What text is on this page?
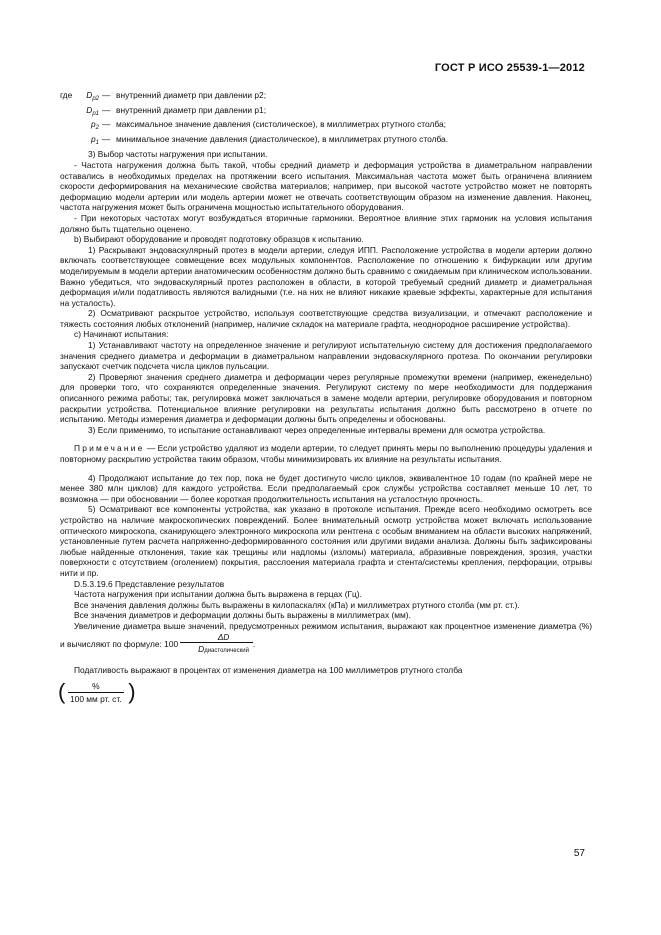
ГОСТ Р ИСО 25539-1—2012
где	$D_{p2}$ — внутренний диаметр при давлении p2;
$D_{p1}$ — внутренний диаметр при давлении p1;
$p_2$ — максимальное значение давления (систолическое), в миллиметрах ртутного столба;
$p_1$ — минимальное значение давления (диастолическое), в миллиметрах ртутного столба.

3) Выбор частоты нагружения при испытании.

- Частота нагружения должна быть такой, чтобы средний диаметр и деформация устройства в диаметральном направлении оставались в необходимых пределах на протяжении всего испытания. Максимальная частота может быть ограничена влиянием скорости деформирования на механические свойства материалов; например, при высокой частоте устройство может не повторять деформацию модели артерии или модель артерии может не отвечать соответствующим образом на изменение давления. Наконец, частота нагружения может быть ограничена мощностью испытательного оборудования.

- При некоторых частотах могут возбуждаться вторичные гармоники. Вероятное влияние этих гармоник на условия испытания должно быть тщательно оценено.

b) Выбирают оборудование и проводят подготовку образцов к испытанию.

1) Раскрывают эндоваскулярный протез в модели артерии, следуя ИПП. Расположение устройства в модели артерии должно включать соответствующее совмещение всех модульных компонентов. Расположение по отношению к бифуркации или другим моделируемым в модели артерии анатомическим особенностям должно быть сравнимо с ожидаемым при клиническом использовании. Важно убедиться, что эндоваскулярный протез расположен в области, в которой требуемый средний диаметр и диаметральная деформация и/или податливость являются валидными (т.е. на них не влияют никакие краевые эффекты, характерные для испытания на усталость).

2) Осматривают раскрытое устройство, используя соответствующие средства визуализации, и отмечают расположение и тяжесть состояния любых отклонений (например, наличие складок на материале графта, неоднородное расширение устройства).

c) Начинают испытания:

1) Устанавливают частоту на определенное значение и регулируют испытательную систему для достижения предполагаемого значения среднего диаметра и деформации в диаметральном направлении эндоваскулярного протеза. По окончании регулировки запускают счетчик подсчета числа циклов пульсации.

2) Проверяют значения среднего диаметра и деформации через регулярные промежутки времени (например, еженедельно) для проверки того, что сохраняются определенные значения. Регулируют систему по мере необходимости для поддержания описанного режима работы; так, регулировка может заключаться в замене модели артерии, регулировке оборудования и повторном раскрытии устройства. Потенциальное влияние регулировки на результаты испытания должно быть рассмотрено в отчете по испытанию. Методы измерения диаметра и деформации должны быть определены и обоснованы.

3) Если применимо, то испытание останавливают через определенные интервалы времени для осмотра устройства.

Примечание — Если устройство удаляют из модели артерии, то следует принять меры по выполнению процедуры удаления и повторному раскрытию устройства таким образом, чтобы минимизировать их влияние на результаты испытания.

4) Продолжают испытание до тех пор, пока не будет достигнуто число циклов, эквивалентное 10 годам (по крайней мере не менее 380 млн циклов) для каждого устройства. Если предполагаемый срок службы устройства составляет меньше 10 лет, то возможна — при обосновании — более короткая продолжительность испытания на усталостную прочность.

5) Осматривают все компоненты устройства, как указано в протоколе испытания. Прежде всего необходимо осмотреть все устройство на наличие макроскопических повреждений. Более внимательный осмотр устройства может включать использование оптического микроскопа, сканирующего электронного микроскопа или рентгена с особым вниманием на области высоких напряжений, установленные путем расчета напряженно-деформированного состояния или другими видами анализа. Должны быть зафиксированы любые найденные отклонения, такие как трещины или надломы (изломы) материала, абразивные повреждения, эрозия, участки поверхности с отсутствием (оголением) покрытия, расслоения материала графта и стента/системы крепления, перфорации, отрывы нити и пр.

D.5.3.19.6 Представление результатов

Частота нагружения при испытании должна быть выражена в герцах (Гц).

Все значения давления должны быть выражены в килопаскалях (кПа) и миллиметрах ртутного столба (мм рт. ст.).

Все значения диаметров и деформации должны быть выражены в миллиметрах (мм).

Увеличение диаметра выше значений, предусмотренных режимом испытания, выражают как процентное изменение диаметра (%) и вычисляют по формуле: $100 \frac{\Delta D}{\text{Dдиастолический}}$ .

Податливость выражают в процентах от изменения диаметра на 100 миллиметров ртутного столба

(	%
100 мм рт. ст. )
57
